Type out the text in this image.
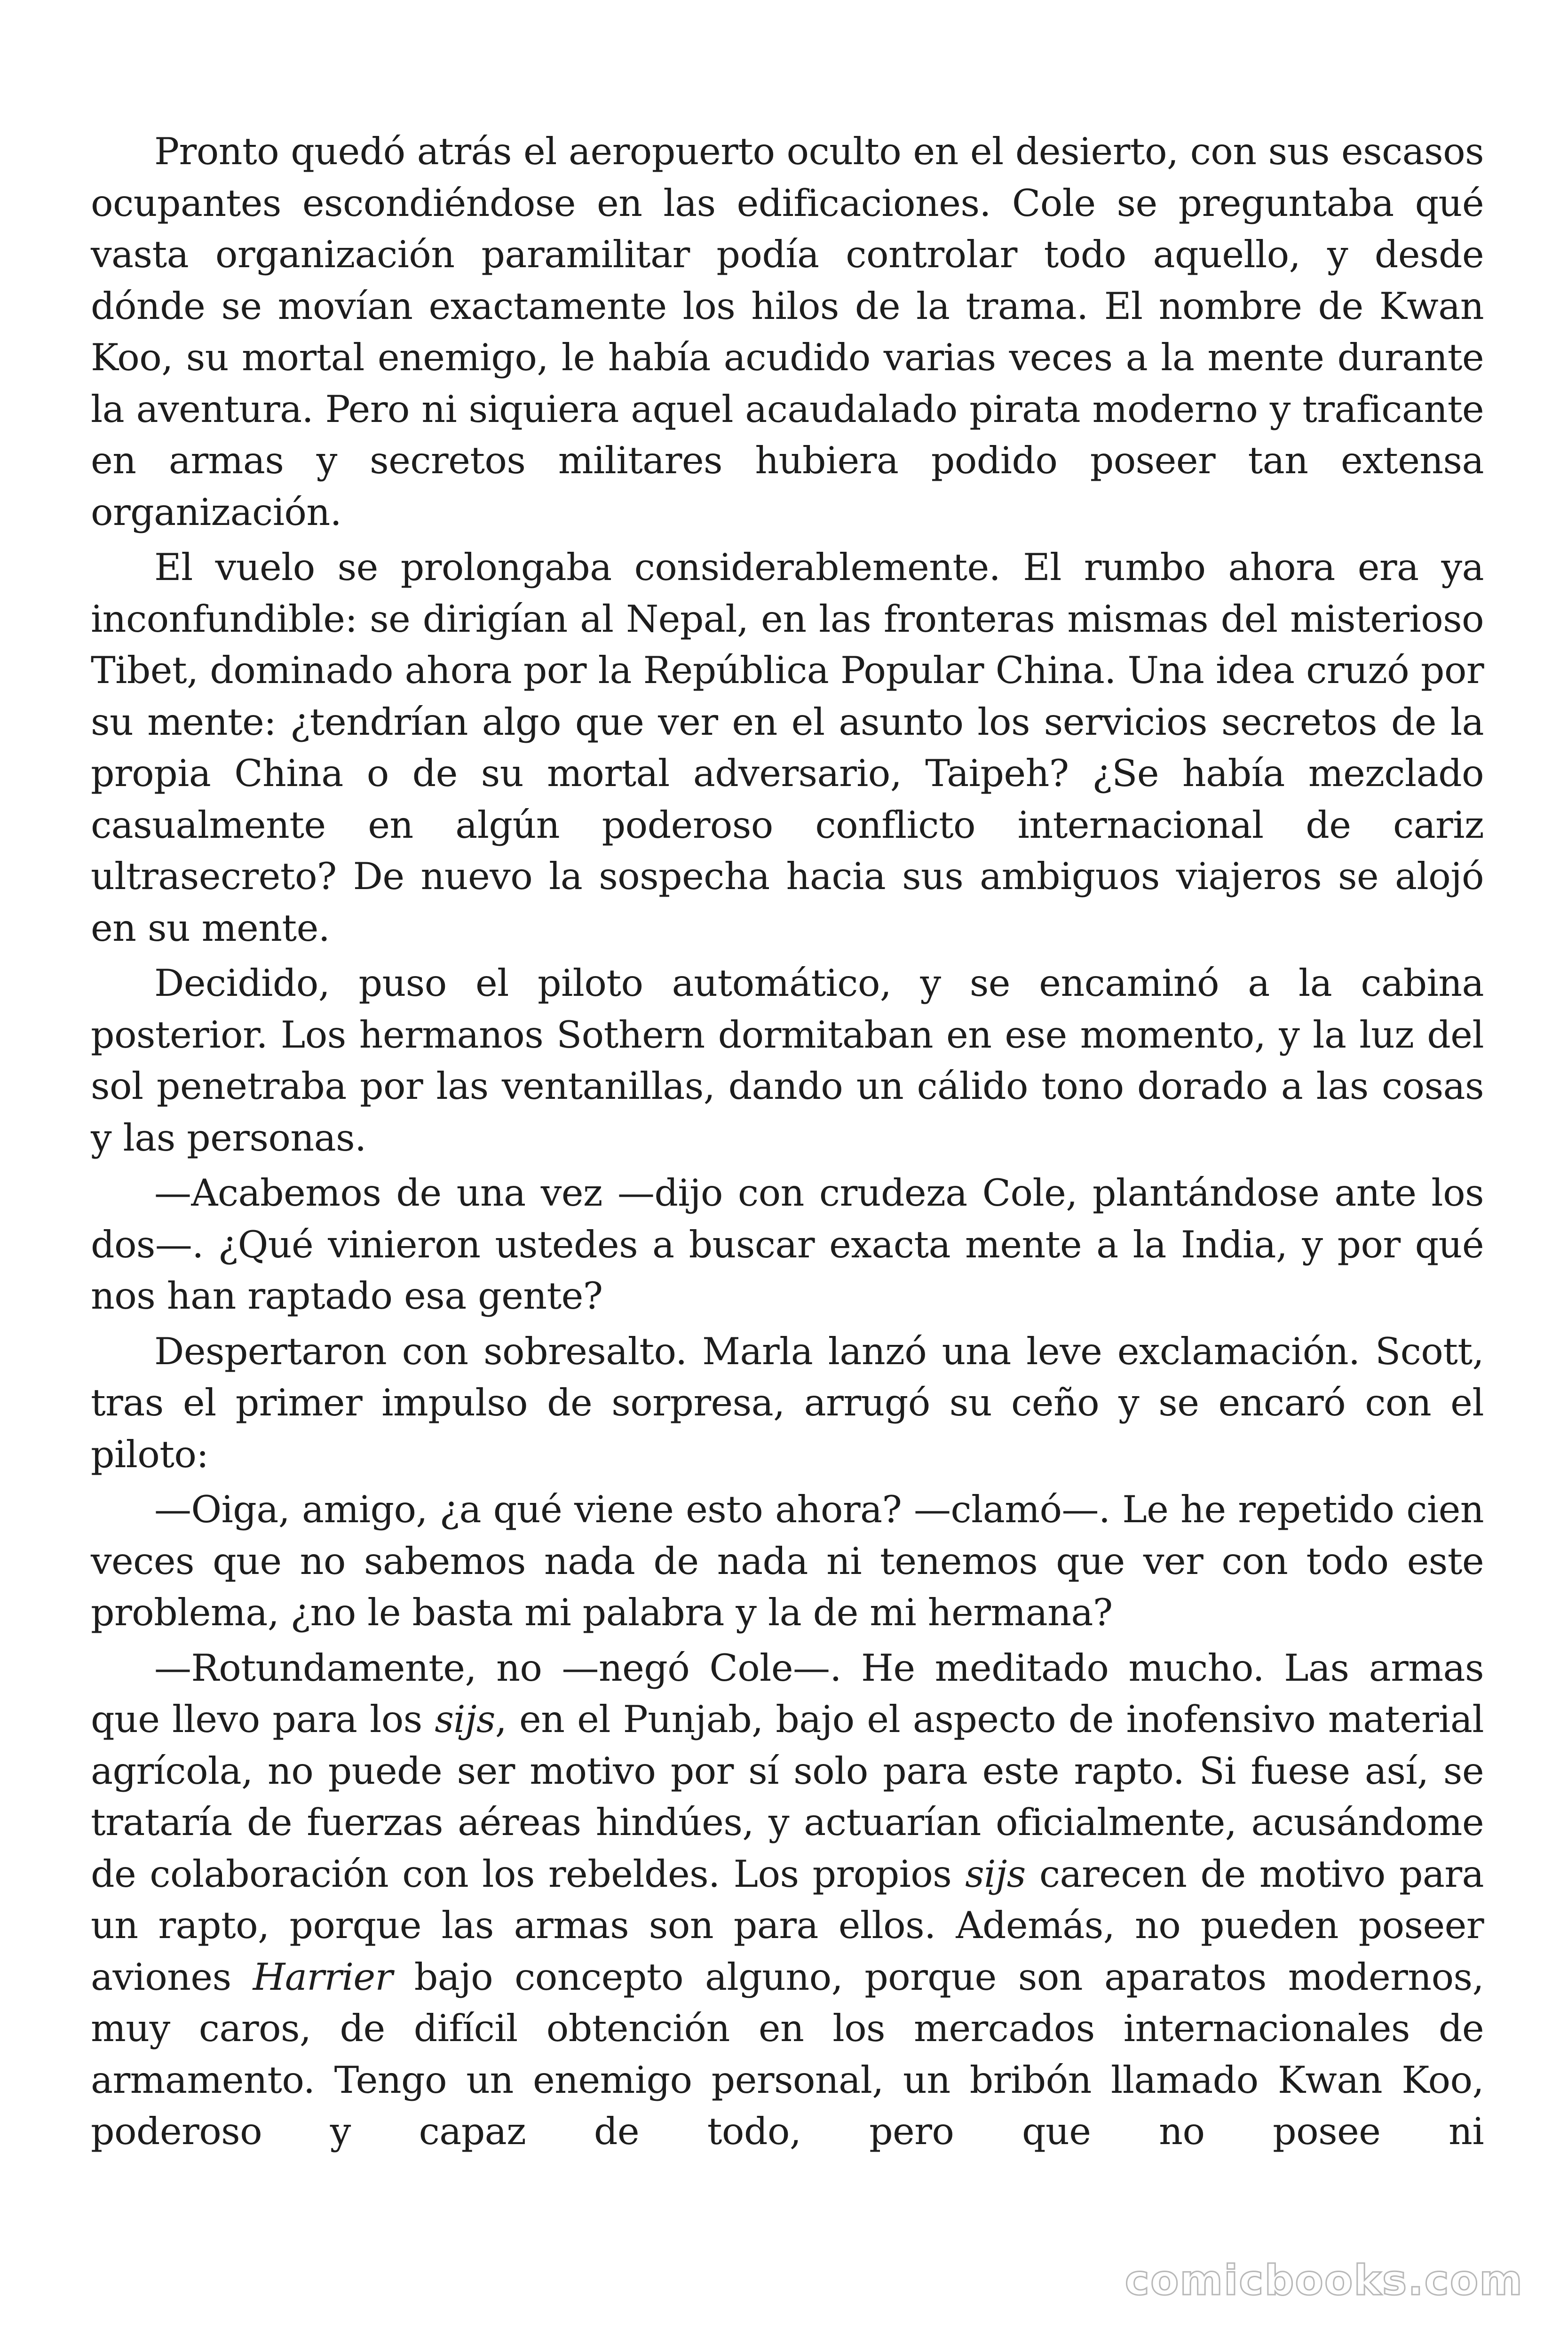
Pronto quedó atrás el aeropuerto oculto en el desierto, con sus escasos ocupantes escondiéndose en las edificaciones. Cole se preguntaba qué vasta organización paramilitar podía controlar todo aquello, y desde dónde se movían exactamente los hilos de la trama. El nombre de Kwan Koo, su mortal enemigo, le había acudido varias veces a la mente durante la aventura. Pero ni siquiera aquel acaudalado pirata moderno y traficante en armas y secretos militares hubiera podido poseer tan extensa organización.

El vuelo se prolongaba considerablemente. El rumbo ahora era ya inconfundible: se dirigían al Nepal, en las fronteras mismas del misterioso Tibet, dominado ahora por la República Popular China. Una idea cruzó por su mente: ¿tendrían algo que ver en el asunto los servicios secretos de la propia China o de su mortal adversario, Taipeh? ¿Se había mezclado casualmente en algún poderoso conflicto internacional de cariz ultrasecreto? De nuevo la sospecha hacia sus ambiguos viajeros se alojó en su mente.

Decidido, puso el piloto automático, y se encaminó a la cabina posterior. Los hermanos Sothern dormitaban en ese momento, y la luz del sol penetraba por las ventanillas, dando un cálido tono dorado a las cosas y las personas.

—Acabemos de una vez —dijo con crudeza Cole, plantándose ante los dos—. ¿Qué vinieron ustedes a buscar exacta mente a la India, y por qué nos han raptado esa gente?

Despertaron con sobresalto. Marla lanzó una leve exclamación. Scott, tras el primer impulso de sorpresa, arrugó su ceño y se encaró con el piloto:

—Oiga, amigo, ¿a qué viene esto ahora? —clamó—. Le he repetido cien veces que no sabemos nada de nada ni tenemos que ver con todo este problema, ¿no le basta mi palabra y la de mi hermana?

—Rotundamente, no —negó Cole—. He meditado mucho. Las armas que llevo para los sijs, en el Punjab, bajo el aspecto de inofensivo material agrícola, no puede ser motivo por sí solo para este rapto. Si fuese así, se trataría de fuerzas aéreas hindúes, y actuarían oficialmente, acusándome de colaboración con los rebeldes. Los propios sijs carecen de motivo para un rapto, porque las armas son para ellos. Además, no pueden poseer aviones Harrier bajo concepto alguno, porque son aparatos modernos, muy caros, de difícil obtención en los mercados internacionales de armamento. Tengo un enemigo personal, un bribón llamado Kwan Koo, poderoso y capaz de todo, pero que no posee ni

comicbooks.com
